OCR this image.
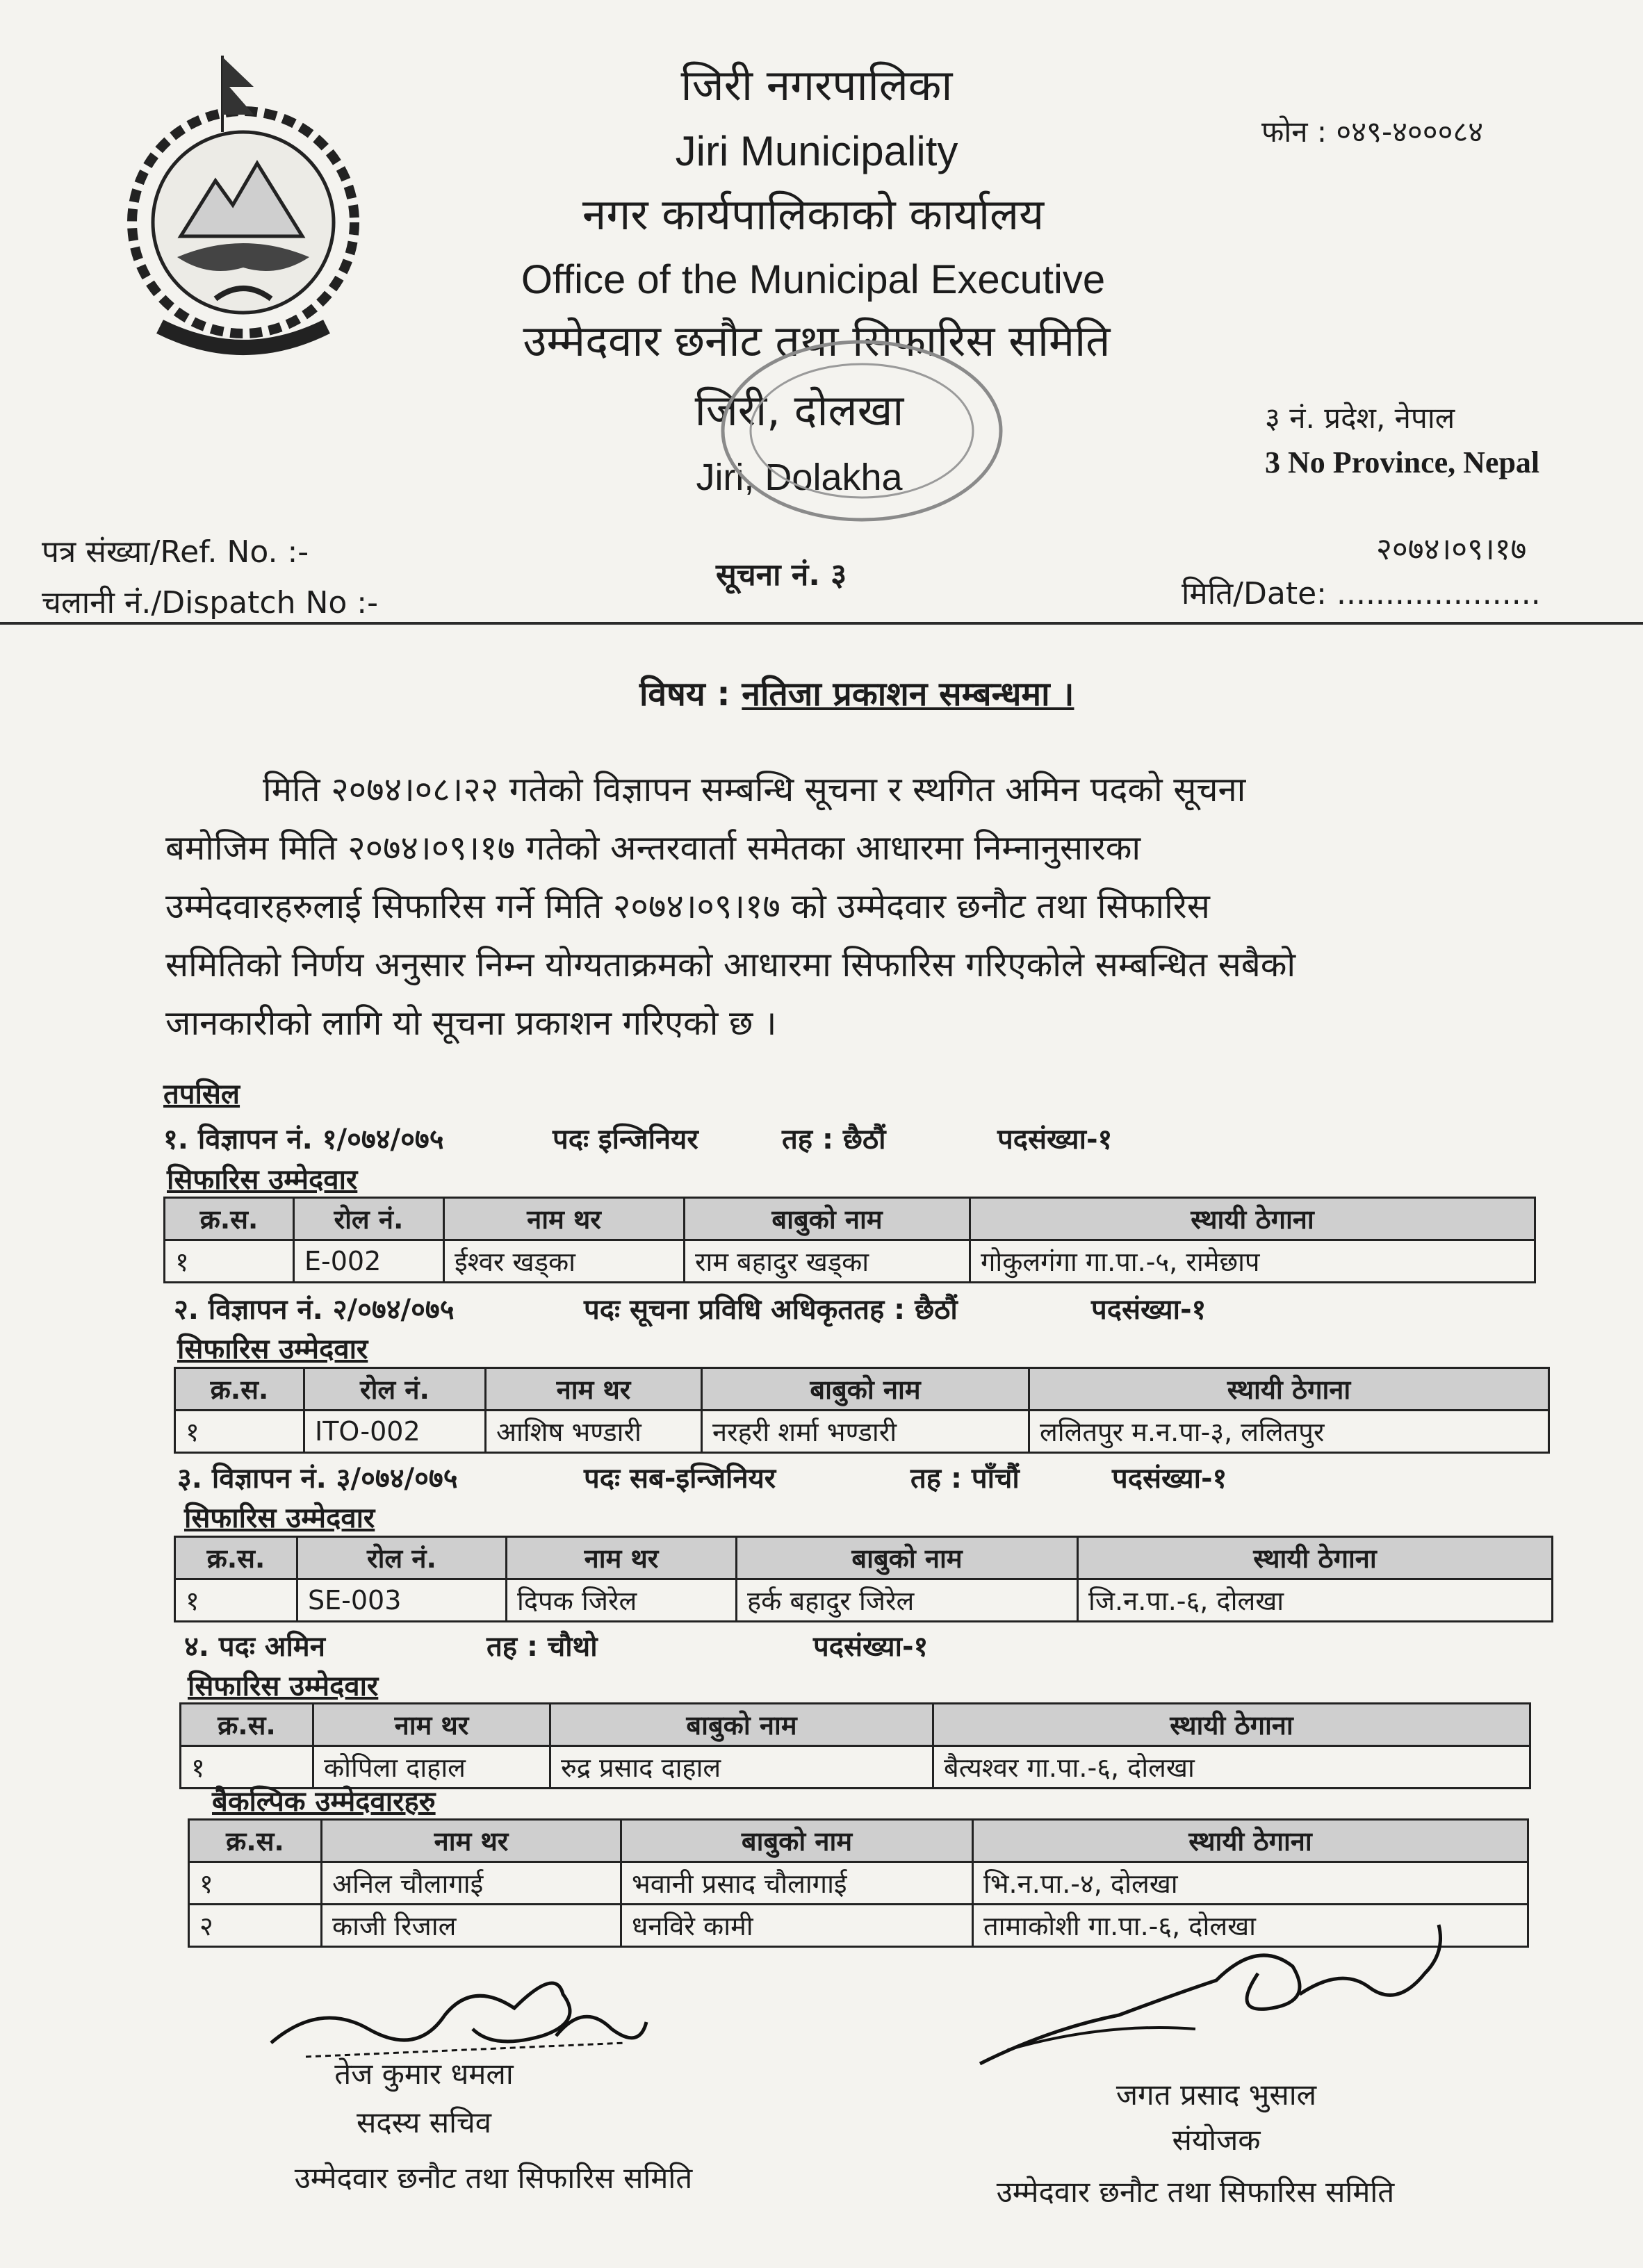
जिरी नगरपालिका
Jiri Municipality
नगर कार्यपालिकाको कार्यालय
Office of the Municipal Executive
उम्मेदवार छनौट तथा सिफारिस समिति
जिरी, दोलखा
Jiri, Dolakha
फोन : ०४९-४०००८४
३ नं. प्रदेश, नेपाल
3 No Province, Nepal
पत्र संख्या/Ref. No. :-
चलानी नं./Dispatch No :-
सूचना नं. ३
२०७४।०९।१७
मिति/Date: .....................
विषय : नतिजा प्रकाशन सम्बन्धमा ।
मिति २०७४।०८।२२ गतेको विज्ञापन सम्बन्धि सूचना र स्थगित अमिन पदको सूचना
बमोजिम मिति २०७४।०९।१७ गतेको अन्तरवार्ता समेतका आधारमा निम्नानुसारका
उम्मेदवारहरुलाई सिफारिस गर्ने मिति २०७४।०९।१७ को उम्मेदवार छनौट तथा सिफारिस
समितिको निर्णय अनुसार निम्न योग्यताक्रमको आधारमा सिफारिस गरिएकोले सम्बन्धित सबैको
जानकारीको लागि यो सूचना प्रकाशन गरिएको छ ।
तपसिल
१. विज्ञापन नं. १/०७४/०७५	पदः इन्जिनियर	तह : छैठौं	पदसंख्या-१
सिफारिस उम्मेदवार
क्र.स.	रोल नं.	नाम थर	बाबुको नाम	स्थायी ठेगाना
१	E-002	ईश्वर खड्का	राम बहादुर खड्का	गोकुलगंगा गा.पा.-५, रामेछाप
२. विज्ञापन नं. २/०७४/०७५	पदः सूचना प्रविधि अधिकृततह : छैठौं	पदसंख्या-१
सिफारिस उम्मेदवार
क्र.स.	रोल नं.	नाम थर	बाबुको नाम	स्थायी ठेगाना
१	ITO-002	आशिष भण्डारी	नरहरी शर्मा भण्डारी	ललितपुर म.न.पा-३, ललितपुर
३. विज्ञापन नं. ३/०७४/०७५	पदः सब-इन्जिनियर	तह : पाँचौं	पदसंख्या-१
सिफारिस उम्मेदवार
क्र.स.	रोल नं.	नाम थर	बाबुको नाम	स्थायी ठेगाना
१	SE-003	दिपक जिरेल	हर्क बहादुर जिरेल	जि.न.पा.-६, दोलखा
४. पदः अमिन	तह : चौथो	पदसंख्या-१
सिफारिस उम्मेदवार
क्र.स.	नाम थर	बाबुको नाम	स्थायी ठेगाना
१	कोपिला दाहाल	रुद्र प्रसाद दाहाल	बैत्यश्वर गा.पा.-६, दोलखा
बैकल्पिक उम्मेदवारहरु
क्र.स.	नाम थर	बाबुको नाम	स्थायी ठेगाना
१	अनिल चौलागाई	भवानी प्रसाद चौलागाई	भि.न.पा.-४, दोलखा
२	काजी रिजाल	धनविरे कामी	तामाकोशी गा.पा.-६, दोलखा
तेज कुमार धमला
सदस्य सचिव
उम्मेदवार छनौट तथा सिफारिस समिति
जगत प्रसाद भुसाल
संयोजक
उम्मेदवार छनौट तथा सिफारिस समिति
